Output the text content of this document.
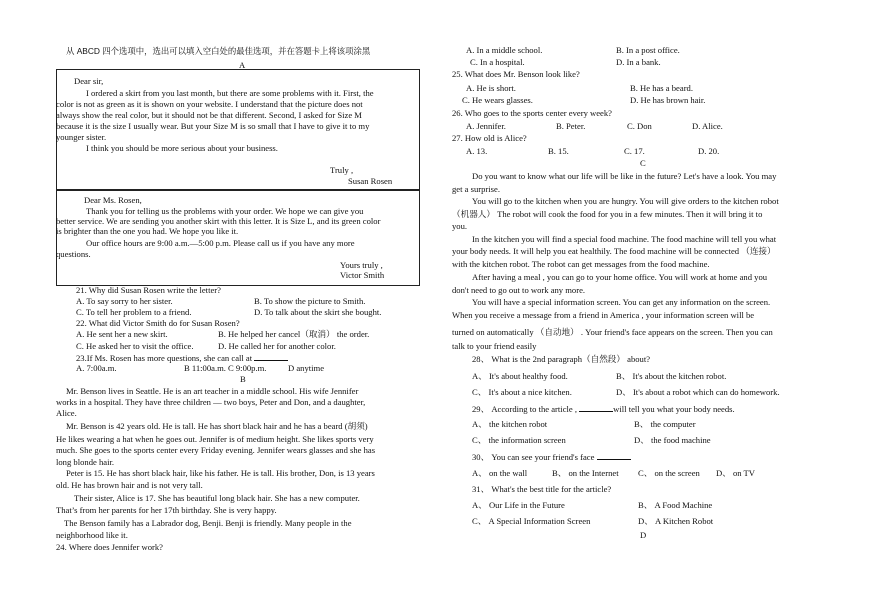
从 ABCD 四个选项中，选出可以填入空白处的最佳选项，并在答题卡上将该项涂黑
A
Dear sir,
I ordered a skirt from you last month, but there are some problems with it. First, the
color is not as green as it is shown on your website. I understand that the picture does not
always show the real color, but it should not be that different. Second, I asked for Size M
because it is the size I usually wear. But your Size M is so small that I have to give it to my
younger sister.
I think you should be more serious about your business.
Truly ,
Susan Rosen
Dear Ms. Rosen,
Thank you for telling us the problems with your order. We hope we can give you
better service. We are sending you another skirt with this letter. It is Size L, and its green color
is brighter than the one you had. We hope you like it.
Our office hours are 9:00 a.m.—5:00 p.m. Please call us if you have any more
questions.
Yours truly ,
Victor Smith
21. Why did Susan Rosen write the letter?
A. To say sorry to her sister.	B. To show the picture to Smith.
C. To tell her problem to a friend.	D. To talk about the skirt she bought.
22. What did Victor Smith do for Susan Rosen?
A. He sent her a new skirt.	B. He helped her cancel（取消） the order.
C. He asked her to visit the office.	D. He called her for another color.
23.If Ms. Rosen has more questions, she can call at
A. 7:00a.m.	B 11:00a.m. C 9:00p.m.	D anytime
B
Mr. Benson lives in Seattle. He is an art teacher in a middle school. His wife Jennifer
works in a hospital. They have three children — two boys, Peter and Don, and a daughter,
Alice.
Mr. Benson is 42 years old. He is tall. He has short black hair and he has a beard (胡须)
He likes wearing a hat when he goes out. Jennifer is of medium height. She likes sports very
much. She goes to the sports center every Friday evening. Jennifer wears glasses and she has
long blonde hair.
Peter is 15. He has short black hair, like his father. He is tall. His brother, Don, is 13 years
old. He has brown hair and is not very tall.
Their sister, Alice is 17. She has beautiful long black hair. She has a new computer.
That’s from her parents for her 17th birthday. She is very happy.
The Benson family has a Labrador dog, Benji. Benji is friendly. Many people in the
neighborhood like it.
24. Where does Jennifer work?
A. In a middle school.	B. In a post office.
C. In a hospital.	D. In a bank.
25. What does Mr. Benson look like?
A. He is short.	B. He has a beard.
C. He wears glasses.	D. He has brown hair.
26. Who goes to the sports center every week?
A. Jennifer.	B. Peter.	C. Don	D. Alice.
27. How old is Alice?
A. 13.	B. 15.	C. 17.	D. 20.
C
Do you want to know what our life will be like in the future? Let's have a look. You may
get a surprise.
You will go to the kitchen when you are hungry. You will give orders to the kitchen robot
（机器人） The robot will cook the food for you in a few minutes. Then it will bring it to
you.
In the kitchen you will find a special food machine. The food machine will tell you what
your body needs. It will help you eat healthily. The food machine will be connected （连接）
with the kitchen robot. The robot can get messages from the food machine.
After having a meal , you can go to your home office. You will work at home and you
don't need to go out to work any more.
You will have a special information screen. You can get any information on the screen.
When you receive a message from a friend in America , your information screen will be
turned on automatically （自动地） . Your friend's face appears on the screen. Then you can
talk to your friend easily
28、 What is the 2nd paragraph（自然段） about?
A、 It's about healthy food.	B、 It's about the kitchen robot.
C、 It's about a nice kitchen.	D、 It's about a robot which can do homework.
29、 According to the article ,	will tell you what your body needs.
A、 the kitchen robot	B、 the computer
C、 the information screen	D、 the food machine
30、 You can see your friend's face
A、 on the wall	B、 on the Internet C、 on the screen D、 on TV
31、 What's the best title for the article?
A、 Our Life in the Future	B、 A Food Machine
C、 A Special Information Screen	D、 A Kitchen Robot
D
